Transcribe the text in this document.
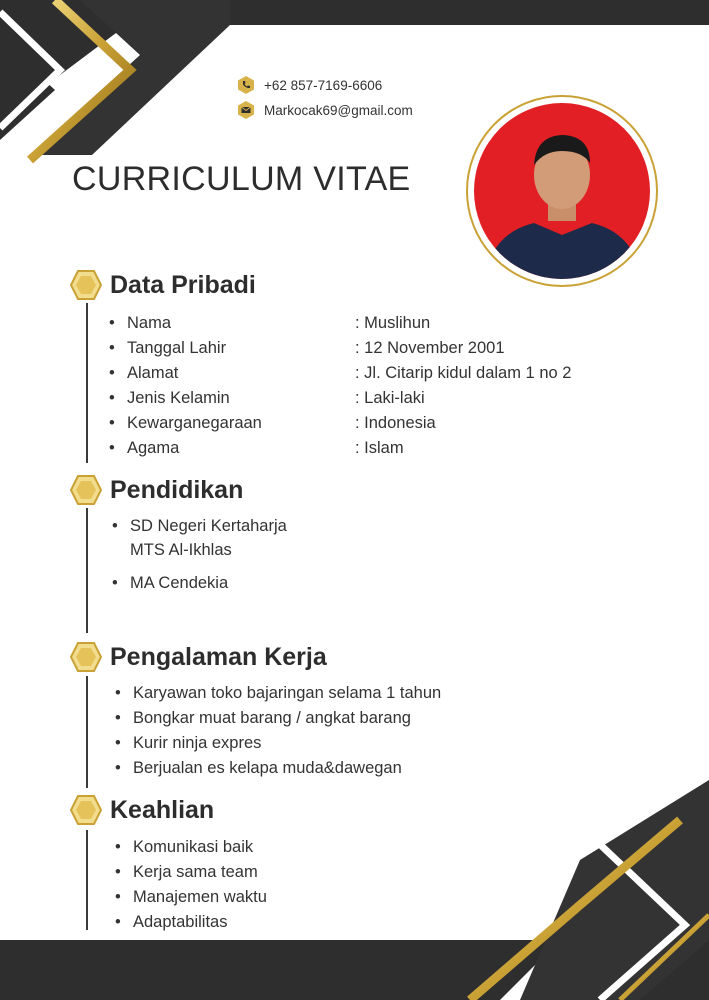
+62 857-7169-6606
Markocak69@gmail.com
CURRICULUM VITAE
Data Pribadi
• Nama	: Muslihun
• Tanggal Lahir	: 12 November 2001
• Alamat	: Jl. Citarip kidul dalam 1 no 2
• Jenis Kelamin	: Laki-laki
• Kewarganegaraan	: Indonesia
• Agama	: Islam
Pendidikan
• SD Negeri Kertaharja
MTS Al-Ikhlas
• MA Cendekia
Pengalaman Kerja
• Karyawan toko bajaringan selama 1 tahun
• Bongkar muat barang / angkat barang
• Kurir ninja expres
• Berjualan es kelapa muda&dawegan
Keahlian
• Komunikasi baik
• Kerja sama team
• Manajemen waktu
• Adaptabilitas
